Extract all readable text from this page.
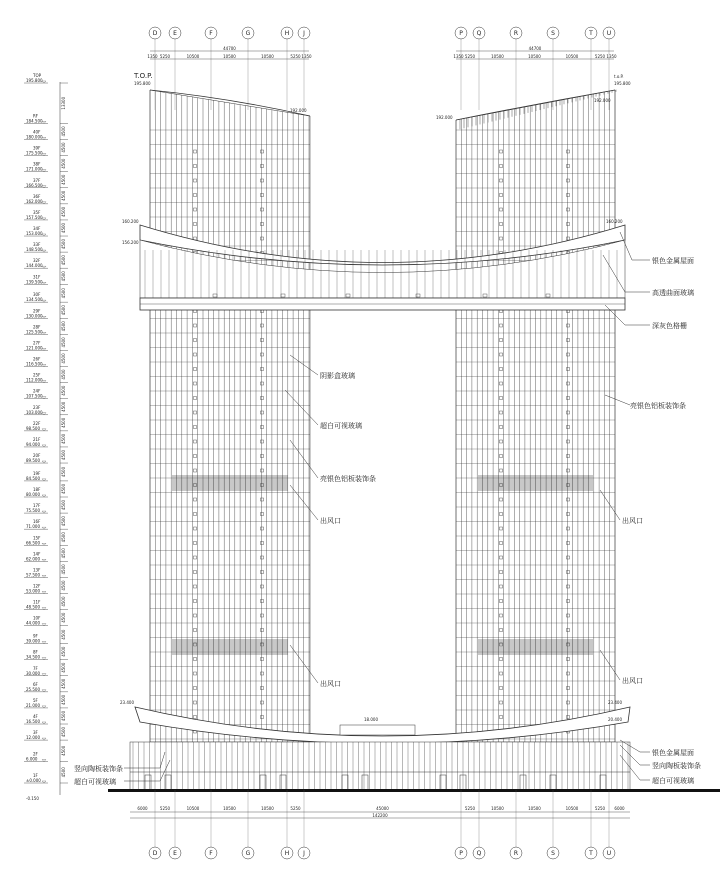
TOP
195.800
RF
184.500
13300
40F
180.000
4500
39F
175.500
4500
38F
171.000
4500
37F
166.500
4500
36F
162.000
4500
35F
157.500
4500
34F
153.000
4500
33F
148.500
4500
32F
144.000
4500
31F
139.500
4500
30F
134.500
4500
29F
130.000
4500
28F
125.500
4500
27F
121.000
4500
26F
116.500
4500
25F
112.000
4500
24F
107.500
4500
23F
103.000
4500
22F
98.500
4500
21F
94.000
4500
20F
89.500
4500
19F
84.500
4500
18F
80.000
4500
17F
75.500
4500
16F
71.000
4500
15F
66.500
4500
14F
62.000
4500
13F
57.500
4500
12F
53.000
4500
11F
48.500
4500
10F
44.000
4500
9F
39.000
4500
8F
34.500
4500
7F
30.000
4500
6F
25.500
4500
5F
21.000
4500
4F
16.500
4500
3F
12.000
4500
2F
6.000
4500
1F
±0.000
4500
-0.150
D
D
E
E
F
F
G
G
H
H
J
J
44700
1350 5250	10500	10500	10500	5250 1350
P
P
Q
Q
R
R
S
S
T
T
U
U
44700
1350 5250	10500	10500	10500	5250 1350
6000	5250	10500	10500	10500	5250	45000	5250	10500	10500	10500	5250 6000
142200
T.O.P.
195.800
t.o.P.
195.800
192.000
192.000
192.000
160.200
156.200
160.200
23.400	23.400
20.400
18.000
银色金属屋面
高透曲面玻璃
深灰色格栅
亮银色铝板装饰条
阴影盒玻璃
超白可视玻璃
亮银色铝板装饰条
出风口	出风口
出风口	出风口
银色金属屋面
竖向陶板装饰条
超白可视玻璃
竖向陶板装饰条
超白可视玻璃
